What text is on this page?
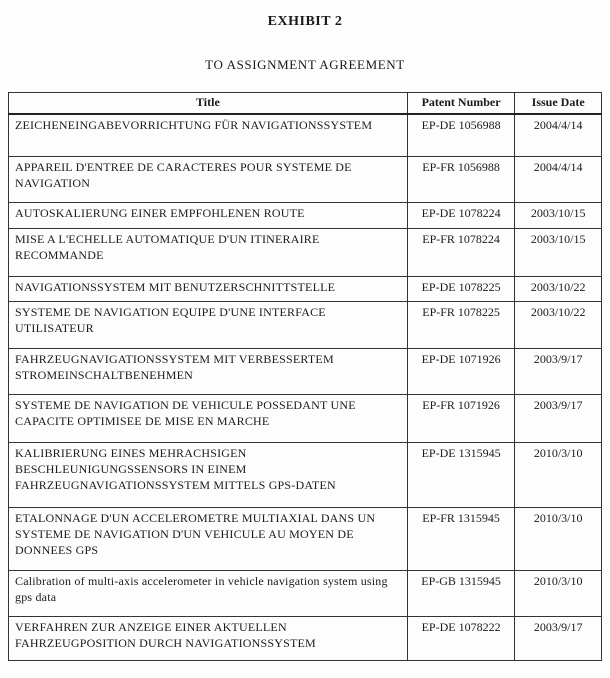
EXHIBIT 2
TO ASSIGNMENT AGREEMENT
Title	Patent Number	Issue Date
ZEICHENEINGABEVORRICHTUNG FÜR NAVIGATIONSSYSTEM	EP-DE 1056988	2004/4/14
APPAREIL D'ENTREE DE CARACTERES POUR SYSTEME DE NAVIGATION	EP-FR 1056988	2004/4/14
AUTOSKALIERUNG EINER EMPFOHLENEN ROUTE	EP-DE 1078224	2003/10/15
MISE A L'ECHELLE AUTOMATIQUE D'UN ITINERAIRE RECOMMANDE	EP-FR 1078224	2003/10/15
NAVIGATIONSSYSTEM MIT BENUTZERSCHNITTSTELLE	EP-DE 1078225	2003/10/22
SYSTEME DE NAVIGATION EQUIPE D'UNE INTERFACE UTILISATEUR	EP-FR 1078225	2003/10/22
FAHRZEUGNAVIGATIONSSYSTEM MIT VERBESSERTEM STROMEINSCHALTBENEHMEN	EP-DE 1071926	2003/9/17
SYSTEME DE NAVIGATION DE VEHICULE POSSEDANT UNE CAPACITE OPTIMISEE DE MISE EN MARCHE	EP-FR 1071926	2003/9/17
KALIBRIERUNG EINES MEHRACHSIGEN BESCHLEUNIGUNGSSENSORS IN EINEM FAHRZEUGNAVIGATIONSSYSTEM MITTELS GPS-DATEN	EP-DE 1315945	2010/3/10
ETALONNAGE D'UN ACCELEROMETRE MULTIAXIAL DANS UN SYSTEME DE NAVIGATION D'UN VEHICULE AU MOYEN DE DONNEES GPS	EP-FR 1315945	2010/3/10
Calibration of multi-axis accelerometer in vehicle navigation system using gps data	EP-GB 1315945	2010/3/10
VERFAHREN ZUR ANZEIGE EINER AKTUELLEN FAHRZEUGPOSITION DURCH NAVIGATIONSSYSTEM	EP-DE 1078222	2003/9/17
